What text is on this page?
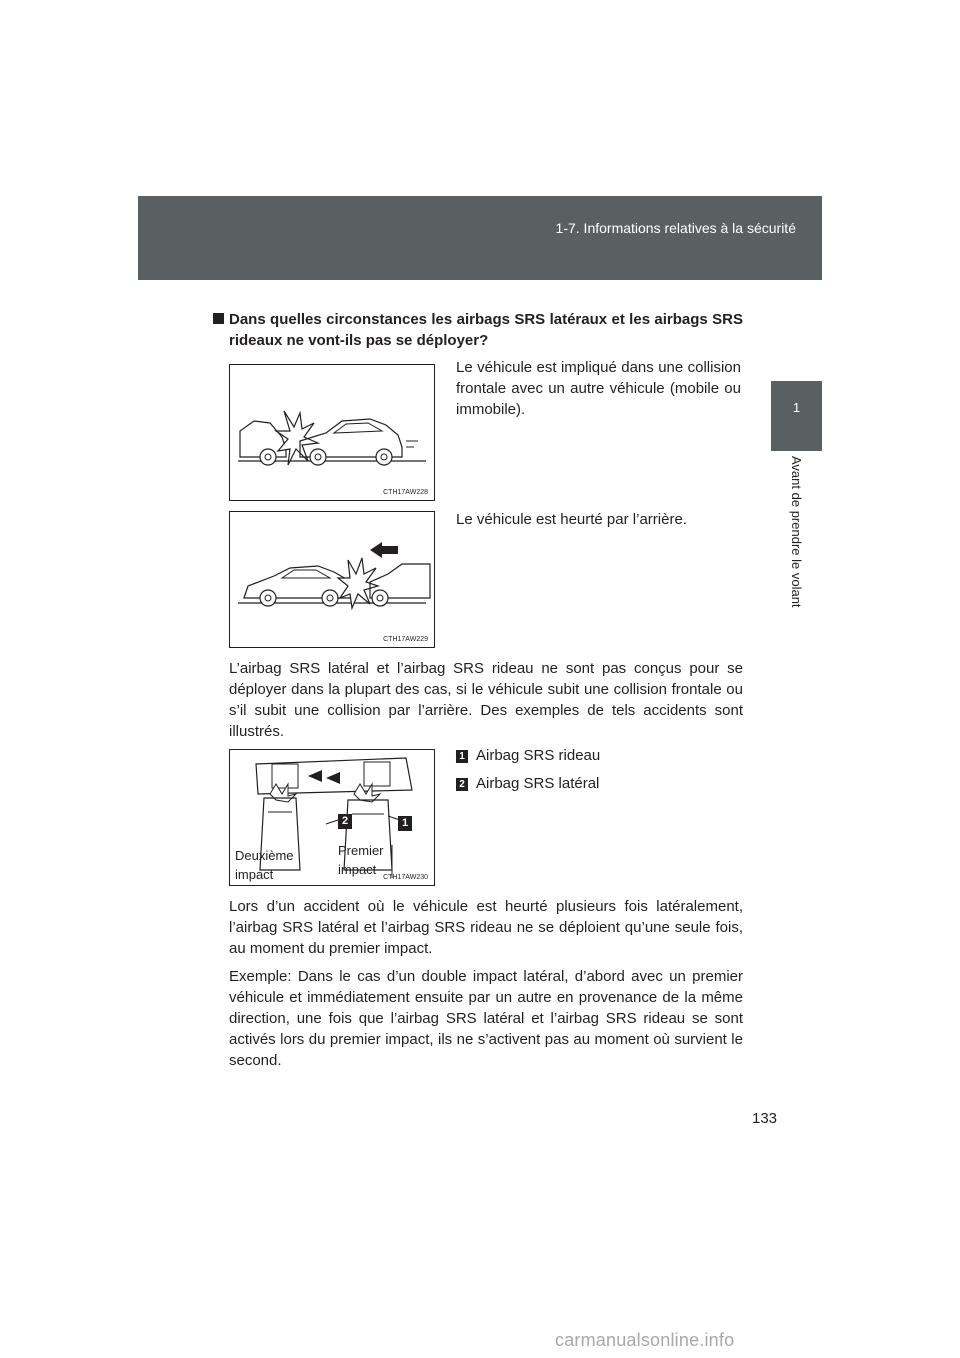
1-7. Informations relatives à la sécurité
1
Avant de prendre le volant
Dans quelles circonstances les airbags SRS latéraux et les airbags SRS rideaux ne vont-ils pas se déployer?
CTH17AW228
Le véhicule est impliqué dans une collision frontale avec un autre véhicule (mobile ou immobile).
CTH17AW229
Le véhicule est heurté par l’arrière.
L’airbag SRS latéral et l’airbag SRS rideau ne sont pas conçus pour se déployer dans la plupart des cas, si le véhicule subit une collision frontale ou s’il subit une collision par l’arrière. Des exemples de tels accidents sont illustrés.
2	1
Deuxième impact
Premier impact
CTH17AW230
1 Airbag SRS rideau
2 Airbag SRS latéral
Lors d’un accident où le véhicule est heurté plusieurs fois latéralement, l’airbag SRS latéral et l’airbag SRS rideau ne se déploient qu’une seule fois, au moment du premier impact.
Exemple: Dans le cas d’un double impact latéral, d’abord avec un premier véhicule et immédiatement ensuite par un autre en provenance de la même direction, une fois que l’airbag SRS latéral et l’airbag SRS rideau se sont activés lors du premier impact, ils ne s’activent pas au moment où survient le second.
133
carmanualsonline.info
